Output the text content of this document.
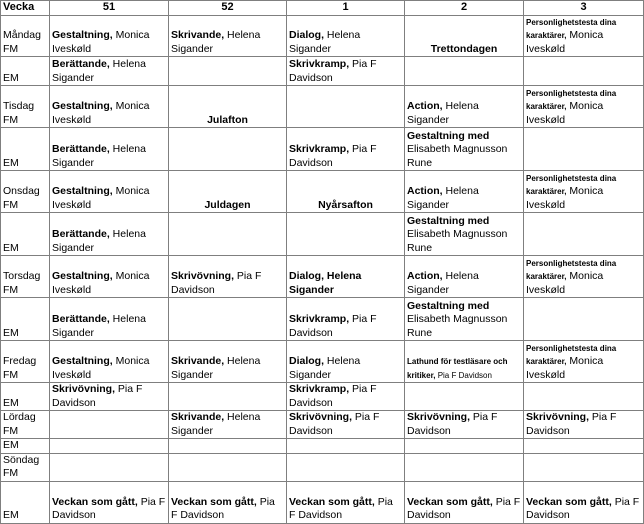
Vecka	51	52	1	2	3
Måndag FM	Gestaltning, Monica Iveskøld	Skrivande, Helena Sigander	Dialog, Helena Sigander	Trettondagen	Personlighetstesta dina karaktärer, Monica Iveskøld
EM	Berättande, Helena Sigander		Skrivkramp, Pia F Davidson		
Tisdag FM	Gestaltning, Monica Iveskøld	Julafton		Action, Helena Sigander	Personlighetstesta dina karaktärer, Monica Iveskøld
EM	Berättande, Helena Sigander		Skrivkramp, Pia F Davidson	Gestaltning med Elisabeth Magnusson Rune	
Onsdag FM	Gestaltning, Monica Iveskøld	Juldagen	Nyårsafton	Action, Helena Sigander	Personlighetstesta dina karaktärer, Monica Iveskøld
EM	Berättande, Helena Sigander			Gestaltning med Elisabeth Magnusson Rune	
Torsdag FM	Gestaltning, Monica Iveskøld	Skrivövning, Pia F Davidson	Dialog, Helena Sigander	Action, Helena Sigander	Personlighetstesta dina karaktärer, Monica Iveskøld
EM	Berättande, Helena Sigander		Skrivkramp, Pia F Davidson	Gestaltning med Elisabeth Magnusson Rune	
Fredag FM	Gestaltning, Monica Iveskøld	Skrivande, Helena Sigander	Dialog, Helena Sigander	Lathund för testläsare och kritiker, Pia F Davidson	Personlighetstesta dina karaktärer, Monica Iveskøld
EM	Skrivövning, Pia F Davidson		Skrivkramp, Pia F Davidson		
Lördag FM		Skrivande, Helena Sigander	Skrivövning, Pia F Davidson	Skrivövning, Pia F Davidson	Skrivövning, Pia F Davidson
EM					
Söndag FM					
EM	Veckan som gått, Pia F Davidson	Veckan som gått, Pia F Davidson	Veckan som gått, Pia F Davidson	Veckan som gått, Pia F Davidson	Veckan som gått, Pia F Davidson
